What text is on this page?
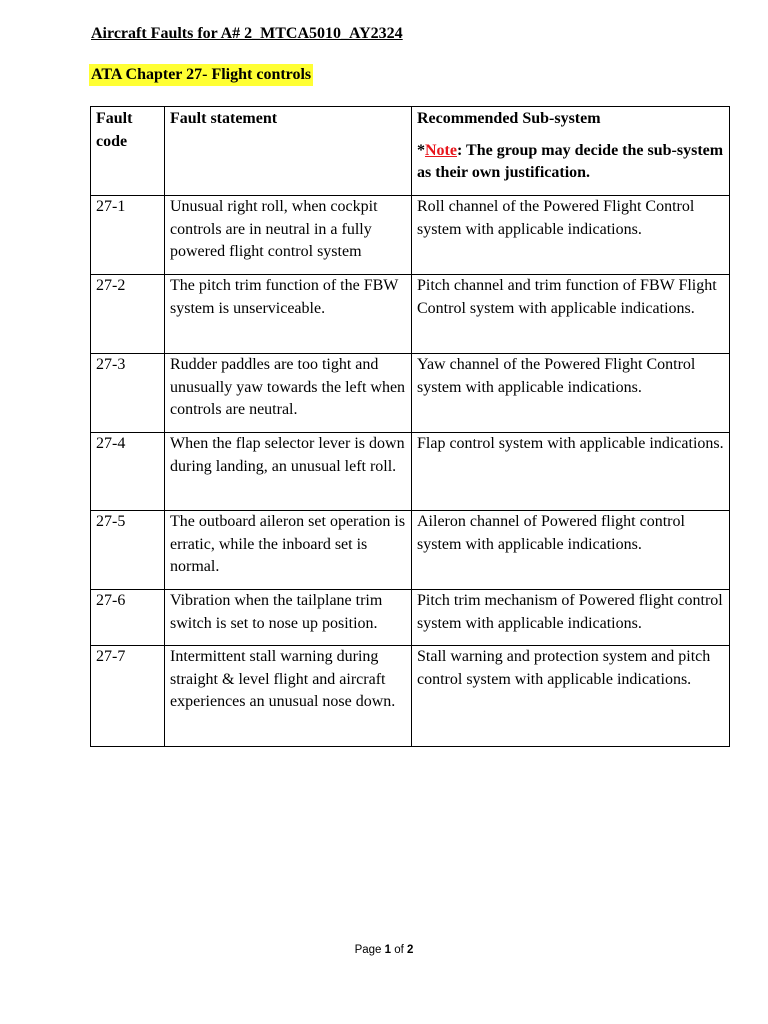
Aircraft Faults for A# 2_MTCA5010_AY2324
ATA Chapter 27- Flight controls
Fault code	Fault statement	Recommended Sub-system
*Note: The group may decide the sub-system as their own justification.

27-1	Unusual right roll, when cockpit controls are in neutral in a fully powered flight control system	Roll channel of the Powered Flight Control system with applicable indications.
27-2	The pitch trim function of the FBW system is unserviceable.	Pitch channel and trim function of FBW Flight Control system with applicable indications.
27-3	Rudder paddles are too tight and unusually yaw towards the left when controls are neutral.	Yaw channel of the Powered Flight Control system with applicable indications.
27-4	When the flap selector lever is down during landing, an unusual left roll.	Flap control system with applicable indications.
27-5	The outboard aileron set operation is erratic, while the inboard set is normal.	Aileron channel of Powered flight control system with applicable indications.
27-6	Vibration when the tailplane trim switch is set to nose up position.	Pitch trim mechanism of Powered flight control system with applicable indications.
27-7	Intermittent stall warning during straight & level flight and aircraft experiences an unusual nose down.	Stall warning and protection system and pitch control system with applicable indications.
Page 1 of 2
